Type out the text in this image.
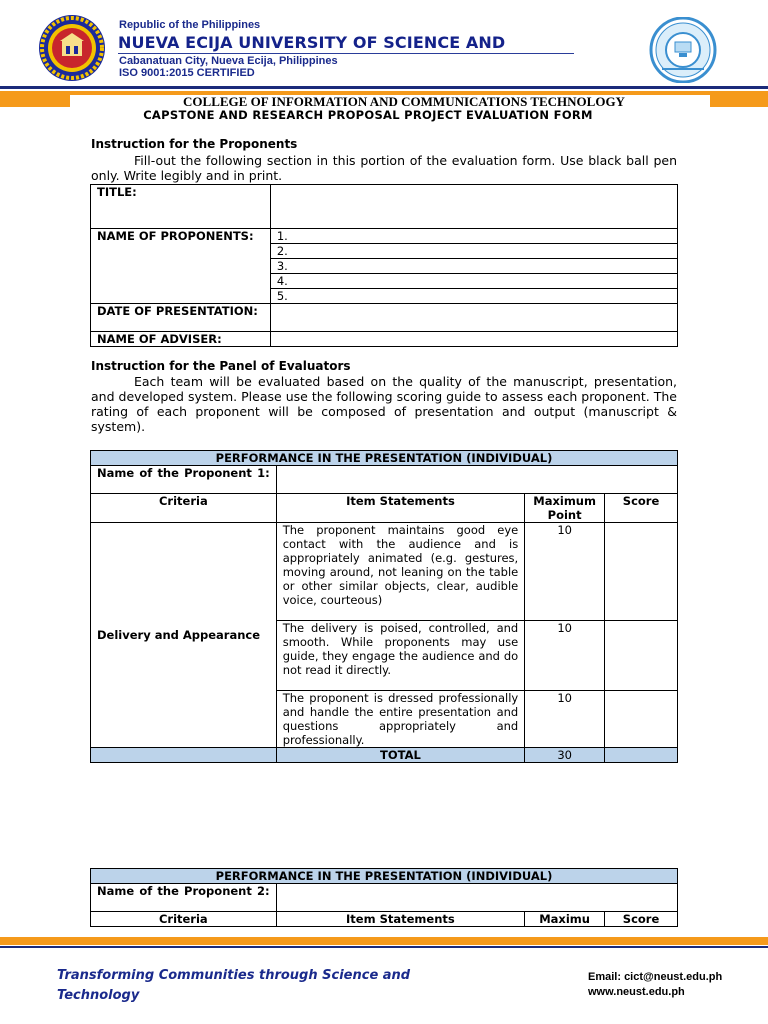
Republic of the Philippines
NUEVA ECIJA UNIVERSITY OF SCIENCE AND
Cabanatuan City, Nueva Ecija, Philippines
ISO 9001:2015 CERTIFIED
COLLEGE OF INFORMATION AND COMMUNICATIONS TECHNOLOGY
CAPSTONE AND RESEARCH PROPOSAL PROJECT EVALUATION FORM
Instruction for the Proponents
Fill-out the following section in this portion of the evaluation form. Use black ball pen only. Write legibly and in print.
TITLE:	
NAME OF PROPONENTS:	1.
	2.
	3.
	4.
	5.
DATE OF PRESENTATION:	
NAME OF ADVISER:	
Instruction for the Panel of Evaluators
Each team will be evaluated based on the quality of the manuscript, presentation, and developed system. Please use the following scoring guide to assess each proponent. The rating of each proponent will be composed of presentation and output (manuscript & system).
PERFORMANCE IN THE PRESENTATION (INDIVIDUAL)			
Name of the Proponent 1:			
Criteria	Item Statements	Maximum Point	Score
Delivery and Appearance	The proponent maintains good eye contact with the audience and is appropriately animated (e.g. gestures, moving around, not leaning on the table or other similar objects, clear, audible voice, courteous)	10	
	The delivery is poised, controlled, and smooth. While proponents may use guide, they engage the audience and do not read it directly.	10	
	The proponent is dressed professionally and handle the entire presentation and questions appropriately and professionally.	10	
	TOTAL	30	
PERFORMANCE IN THE PRESENTATION (INDIVIDUAL)			
Name of the Proponent 2:			
Criteria	Item Statements	Maximu	Score
Transforming Communities through Science and Technology
Email: cict@neust.edu.ph
www.neust.edu.ph
